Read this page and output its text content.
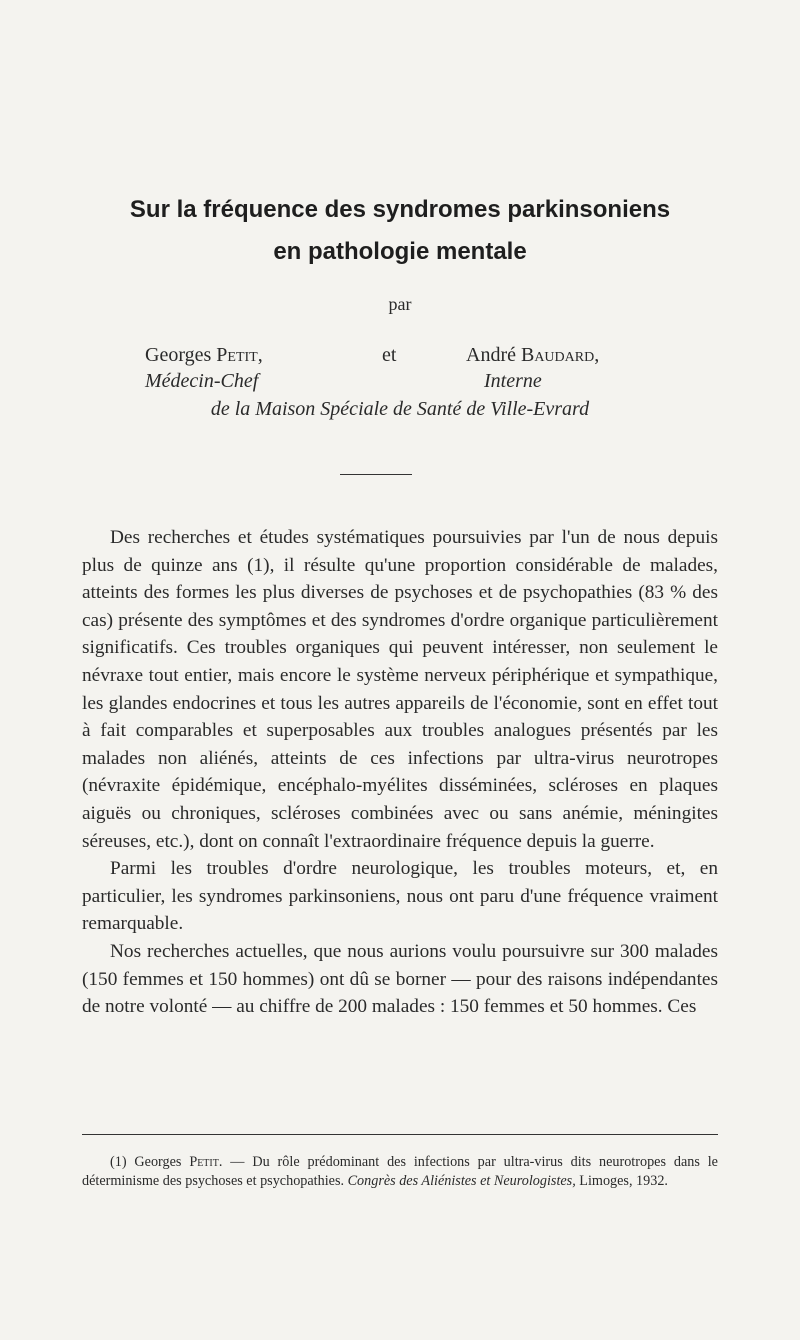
Sur la fréquence des syndromes parkinsoniens
en pathologie mentale
par
Georges Petit,	et	André Baudard,
Médecin-Chef	Interne
de la Maison Spéciale de Santé de Ville-Evrard

Des recherches et études systématiques poursuivies par l'un de nous depuis plus de quinze ans (1), il résulte qu'une proportion considérable de malades, atteints des formes les plus diverses de psychoses et de psychopathies (83 % des cas) présente des symptômes et des syndromes d'ordre organique particulièrement significatifs. Ces troubles organiques qui peuvent intéresser, non seulement le névraxe tout entier, mais encore le système nerveux périphérique et sympathique, les glandes endocrines et tous les autres appareils de l'économie, sont en effet tout à fait comparables et superposables aux troubles analogues présentés par les malades non aliénés, atteints de ces infections par ultra-virus neurotropes (névraxite épidémique, encéphalo-myélites disséminées, scléroses en plaques aiguës ou chroniques, scléroses combinées avec ou sans anémie, méningites séreuses, etc.), dont on connaît l'extraordinaire fréquence depuis la guerre.

Parmi les troubles d'ordre neurologique, les troubles moteurs, et, en particulier, les syndromes parkinsoniens, nous ont paru d'une fréquence vraiment remarquable.

Nos recherches actuelles, que nous aurions voulu poursuivre sur 300 malades (150 femmes et 150 hommes) ont dû se borner — pour des raisons indépendantes de notre volonté — au chiffre de 200 malades : 150 femmes et 50 hommes. Ces

(1) Georges Petit. — Du rôle prédominant des infections par ultra-virus dits neurotropes dans le déterminisme des psychoses et psychopathies. Congrès des Aliénistes et Neurologistes, Limoges, 1932.
